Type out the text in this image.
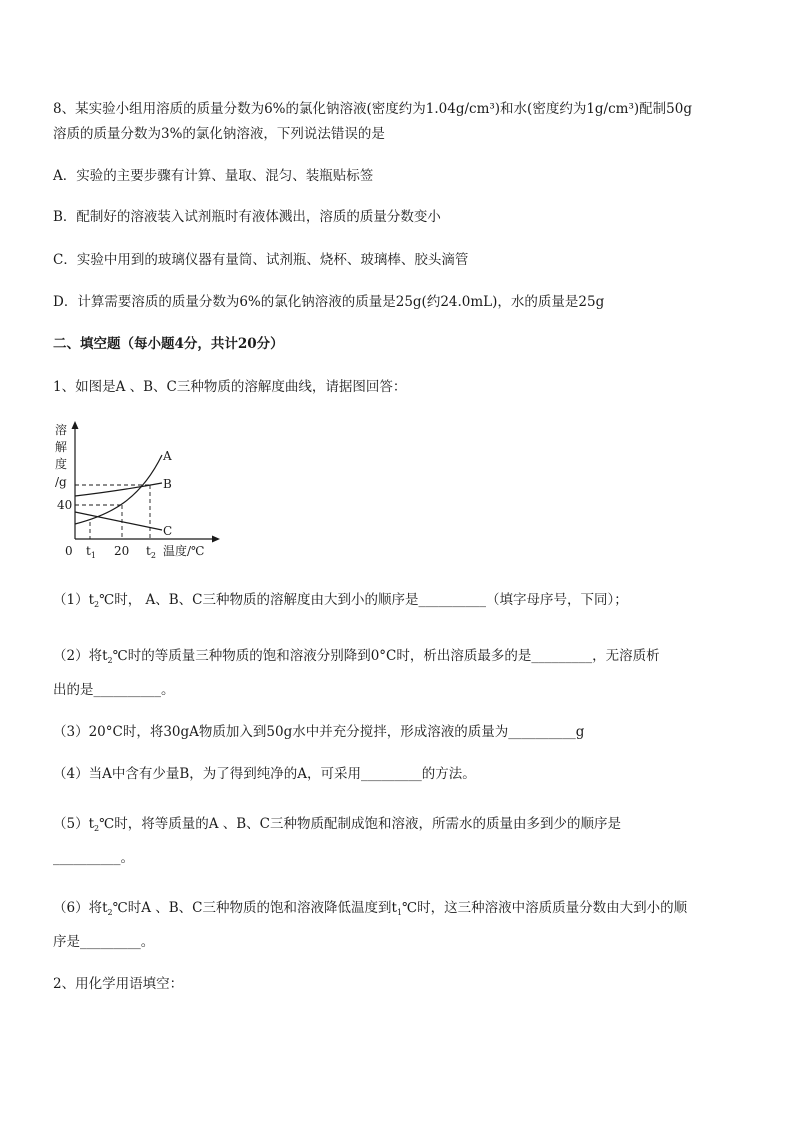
8、某实验小组用溶质的质量分数为6%的氯化钠溶液(密度约为1.04g/cm³)和水(密度约为1g/cm³)配制50g
溶质的质量分数为3%的氯化钠溶液，下列说法错误的是
A．实验的主要步骤有计算、量取、混匀、装瓶贴标签
B．配制好的溶液装入试剂瓶时有液体溅出，溶质的质量分数变小
C．实验中用到的玻璃仪器有量筒、试剂瓶、烧杯、玻璃棒、胶头滴管
D．计算需要溶质的质量分数为6%的氯化钠溶液的质量是25g(约24.0mL)，水的质量是25g
二、填空题（每小题4分，共计20分）
1、如图是A 、B、C三种物质的溶解度曲线，请据图回答：
溶
解
度
/g
A
B
C
40
0 $t_1$ 20 $t_2$ 温度/℃
$(1)t_2℃$时， A、B、C三种物质的溶解度由大到小的顺序是__________（填字母序号，下同）；
（2）将$t_2℃$时的等质量三种物质的饱和溶液分别降到0°C时，析出溶质最多的是_________，无溶质析
出的是__________。
（3）20°C时，将30gA物质加入到50g水中并充分搅拌，形成溶液的质量为__________g
（4）当A中含有少量B，为了得到纯净的A，可采用_________的方法。
$(5)t_2℃$时，将等质量的A 、B、C三种物质配制成饱和溶液，所需水的质量由多到少的顺序是
__________。
（6）将$t_2℃$时A 、B、C三种物质的饱和溶液降低温度到$t_1℃$时，这三种溶液中溶质质量分数由大到小的顺
序是_________。
2、用化学用语填空：
